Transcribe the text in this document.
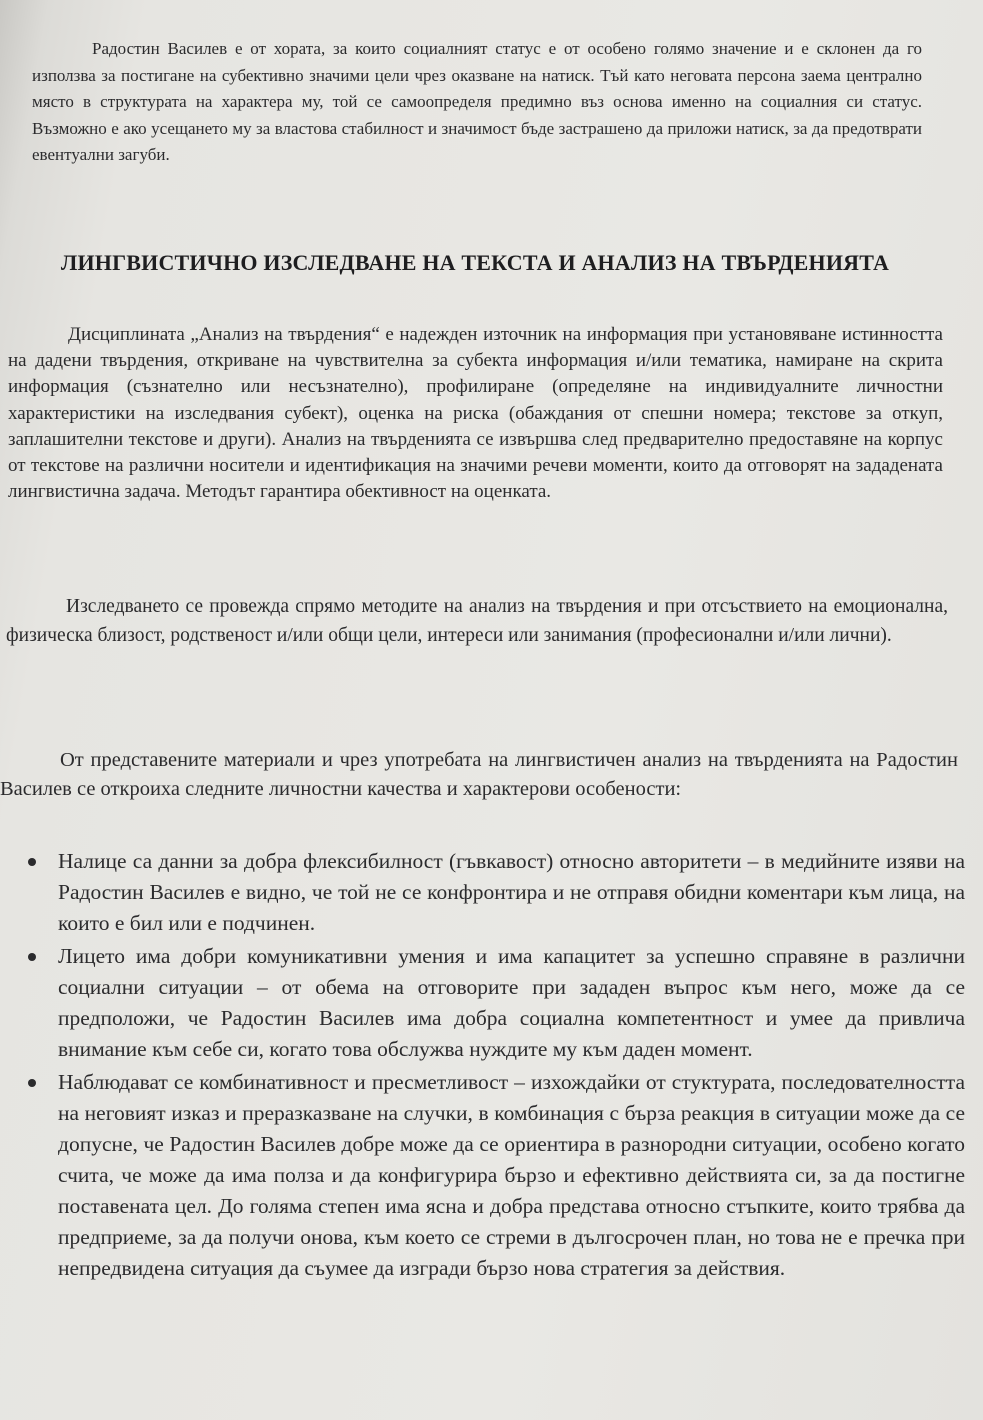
Радостин Василев е от хората, за които социалният статус е от особено голямо значение и е склонен да го използва за постигане на субективно значими цели чрез оказване на натиск. Тъй като неговата персона заема централно място в структурата на характера му, той се самоопределя предимно въз основа именно на социалния си статус. Възможно е ако усещането му за властова стабилност и значимост бъде застрашено да приложи натиск, за да предотврати евентуални загуби.

ЛИНГВИСТИЧНО ИЗСЛЕДВАНЕ НА ТЕКСТА И АНАЛИЗ НА ТВЪРДЕНИЯТА

Дисциплината „Анализ на твърдения“ е надежден източник на информация при установяване истинността на дадени твърдения, откриване на чувствителна за субекта информация и/или тематика, намиране на скрита информация (съзнателно или несъзнателно), профилиране (определяне на индивидуалните личностни характеристики на изследвания субект), оценка на риска (обаждания от спешни номера; текстове за откуп, заплашителни текстове и други). Анализ на твърденията се извършва след предварително предоставяне на корпус от текстове на различни носители и идентификация на значими речеви моменти, които да отговорят на зададената лингвистична задача. Методът гарантира обективност на оценката.

Изследването се провежда спрямо методите на анализ на твърдения и при отсъствието на емоционална, физическа близост, родственост и/или общи цели, интереси или занимания (професионални и/или лични).

От представените материали и чрез употребата на лингвистичен анализ на твърденията на Радостин Василев се откроиха следните личностни качества и характерови особености:

Налице са данни за добра флексибилност (гъвкавост) относно авторитети – в медийните изяви на Радостин Василев е видно, че той не се конфронтира и не отправя обидни коментари към лица, на които е бил или е подчинен.
Лицето има добри комуникативни умения и има капацитет за успешно справяне в различни социални ситуации – от обема на отговорите при зададен въпрос към него, може да се предположи, че Радостин Василев има добра социална компетентност и умее да привлича внимание към себе си, когато това обслужва нуждите му към даден момент.
Наблюдават се комбинативност и пресметливост – изхождайки от стуктурата, последователността на неговият изказ и преразказване на случки, в комбинация с бърза реакция в ситуации може да се допусне, че Радостин Василев добре може да се ориентира в разнородни ситуации, особено когато счита, че може да има полза и да конфигурира бързо и ефективно действията си, за да постигне поставената цел. До голяма степен има ясна и добра представа относно стъпките, които трябва да предприеме, за да получи онова, към което се стреми в дългосрочен план, но това не е пречка при непредвидена ситуация да съумее да изгради бързо нова стратегия за действия.
